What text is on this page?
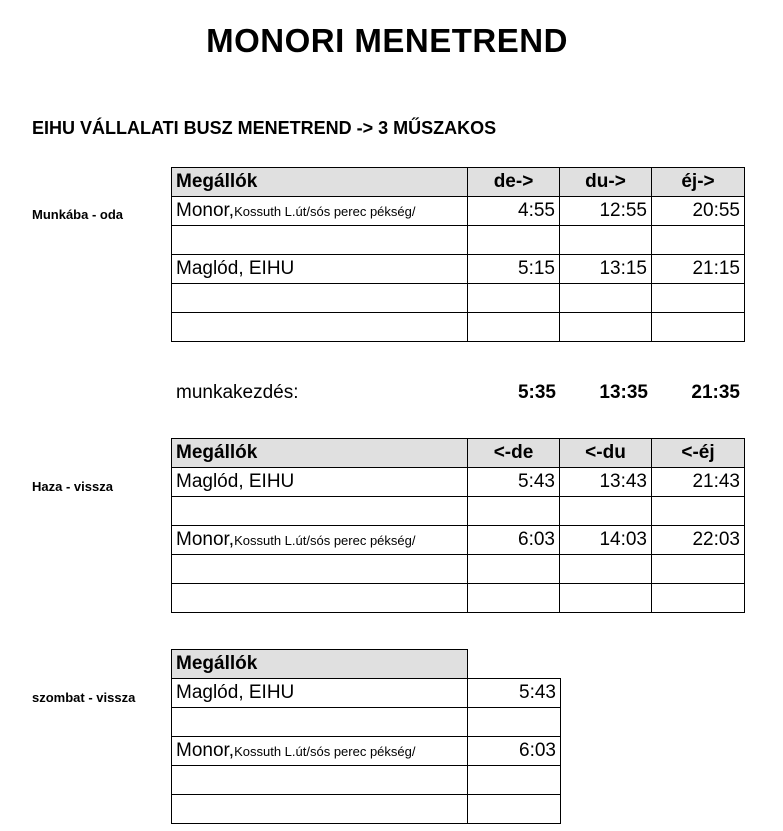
MONORI MENETREND
EIHU VÁLLALATI BUSZ MENETREND -> 3 MŰSZAKOS
Munkába - oda
Megállók	de->	du->	éj->
Monor,Kossuth L.út/sós perec pékség/	4:55	12:55	20:55

Maglód, EIHU	5:15	13:15	21:15

munkakezdés:	5:35	13:35	21:35
Haza - vissza
Megállók	<-de	<-du	<-éj
Maglód, EIHU	5:43	13:43	21:43

Monor,Kossuth L.út/sós perec pékség/	6:03	14:03	22:03

szombat - vissza
Megállók	
Maglód, EIHU	5:43

Monor,Kossuth L.út/sós perec pékség/	6:03
